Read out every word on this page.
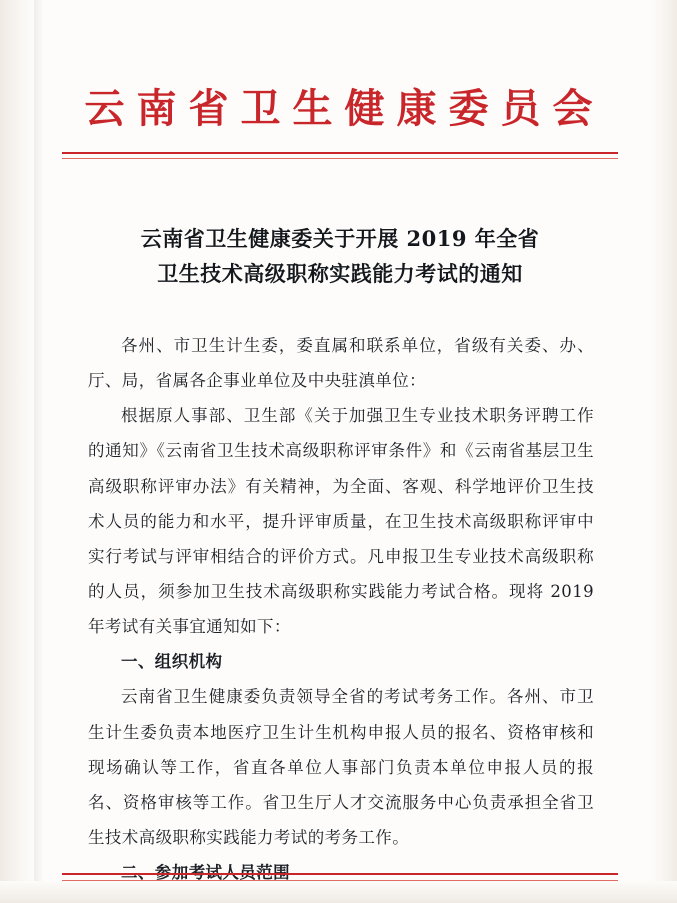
云南省卫生健康委员会
云南省卫生健康委关于开展 2019 年全省
卫生技术高级职称实践能力考试的通知

各州、市卫生计生委，委直属和联系单位，省级有关委、办、厅、局，省属各企事业单位及中央驻滇单位：

根据原人事部、卫生部《关于加强卫生专业技术职务评聘工作的通知》《云南省卫生技术高级职称评审条件》和《云南省基层卫生高级职称评审办法》有关精神，为全面、客观、科学地评价卫生技术人员的能力和水平，提升评审质量，在卫生技术高级职称评审中实行考试与评审相结合的评价方式。凡申报卫生专业技术高级职称的人员，须参加卫生技术高级职称实践能力考试合格。现将 2019 年考试有关事宜通知如下：

一、组织机构

云南省卫生健康委负责领导全省的考试考务工作。各州、市卫生计生委负责本地医疗卫生计生机构申报人员的报名、资格审核和现场确认等工作，省直各单位人事部门负责本单位申报人员的报名、资格审核等工作。省卫生厅人才交流服务中心负责承担全省卫生技术高级职称实践能力考试的考务工作。
